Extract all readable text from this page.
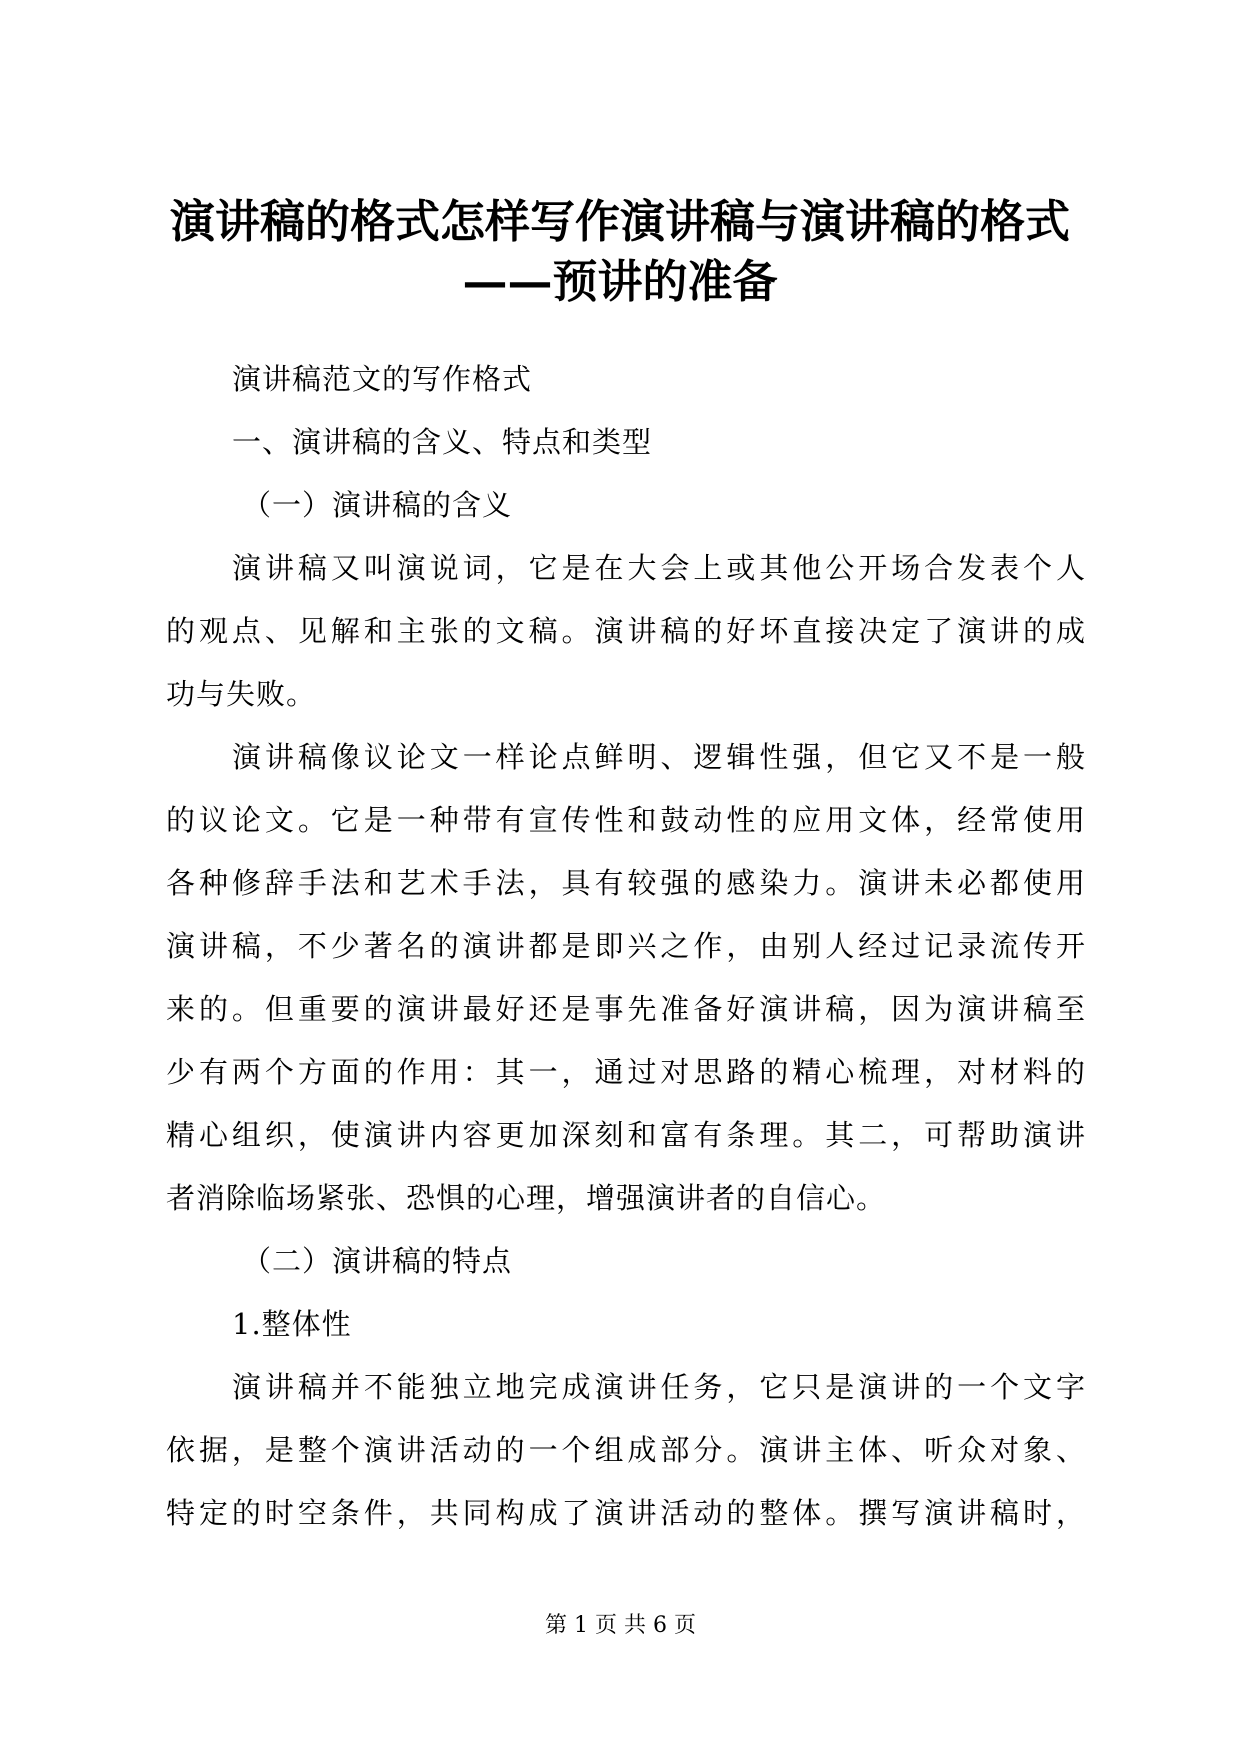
演讲稿的格式怎样写作演讲稿与演讲稿的格式
——预讲的准备
演讲稿范文的写作格式
一、演讲稿的含义、特点和类型
（一）演讲稿的含义
演讲稿又叫演说词，它是在大会上或其他公开场合发表个人
的观点、见解和主张的文稿。演讲稿的好坏直接决定了演讲的成
功与失败。
演讲稿像议论文一样论点鲜明、逻辑性强，但它又不是一般
的议论文。它是一种带有宣传性和鼓动性的应用文体，经常使用
各种修辞手法和艺术手法，具有较强的感染力。演讲未必都使用
演讲稿，不少著名的演讲都是即兴之作，由别人经过记录流传开
来的。但重要的演讲最好还是事先准备好演讲稿，因为演讲稿至
少有两个方面的作用：其一，通过对思路的精心梳理，对材料的
精心组织，使演讲内容更加深刻和富有条理。其二，可帮助演讲
者消除临场紧张、恐惧的心理，增强演讲者的自信心。
（二）演讲稿的特点
1.整体性
演讲稿并不能独立地完成演讲任务，它只是演讲的一个文字
依据，是整个演讲活动的一个组成部分。演讲主体、听众对象、
特定的时空条件，共同构成了演讲活动的整体。撰写演讲稿时，
第 1 页 共 6 页
